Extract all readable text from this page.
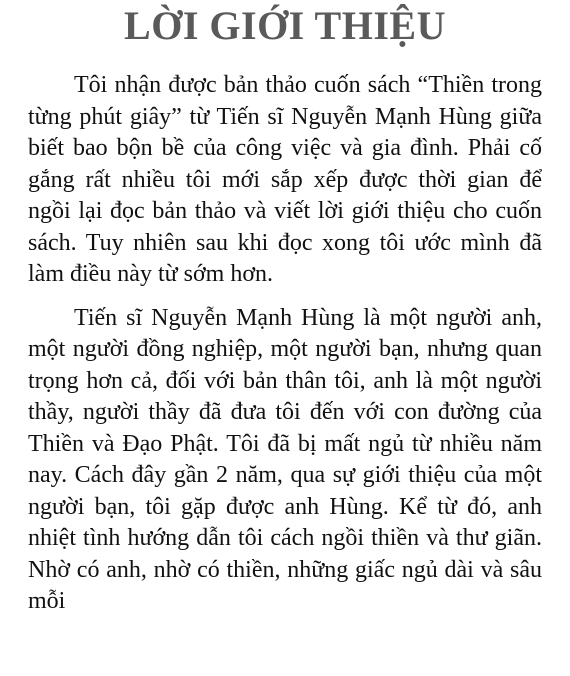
LỜI GIỚI THIỆU

Tôi nhận được bản thảo cuốn sách “Thiền trong từng phút giây” từ Tiến sĩ Nguyễn Mạnh Hùng giữa biết bao bộn bề của công việc và gia đình. Phải cố gắng rất nhiều tôi mới sắp xếp được thời gian để ngồi lại đọc bản thảo và viết lời giới thiệu cho cuốn sách. Tuy nhiên sau khi đọc xong tôi ước mình đã làm điều này từ sớm hơn.

Tiến sĩ Nguyễn Mạnh Hùng là một người anh, một người đồng nghiệp, một người bạn, nhưng quan trọng hơn cả, đối với bản thân tôi, anh là một người thầy, người thầy đã đưa tôi đến với con đường của Thiền và Đạo Phật. Tôi đã bị mất ngủ từ nhiều năm nay. Cách đây gần 2 năm, qua sự giới thiệu của một người bạn, tôi gặp được anh Hùng. Kể từ đó, anh nhiệt tình hướng dẫn tôi cách ngồi thiền và thư giãn. Nhờ có anh, nhờ có thiền, những giấc ngủ dài và sâu mỗi
